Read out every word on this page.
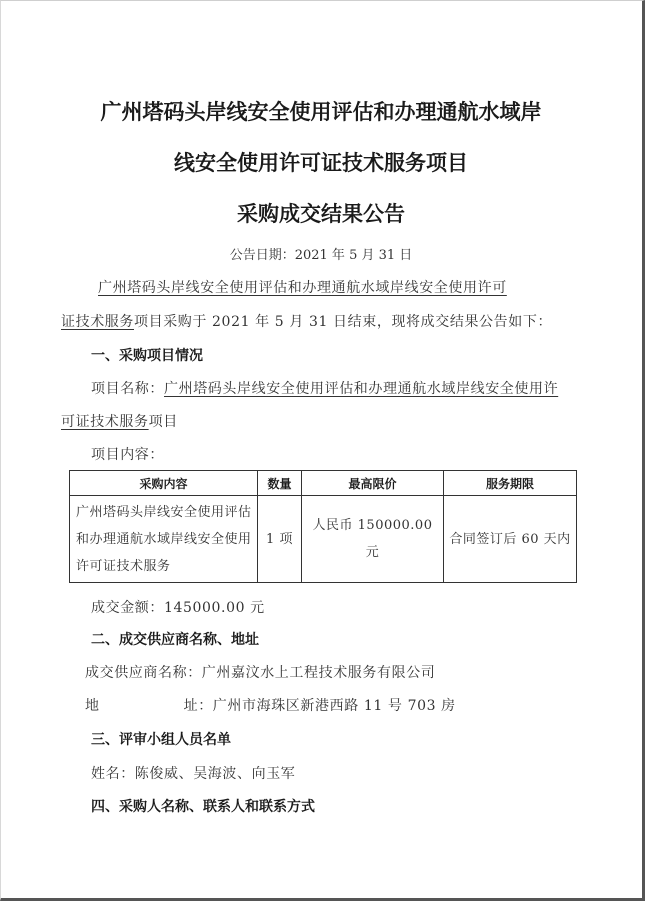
广州塔码头岸线安全使用评估和办理通航水域岸
线安全使用许可证技术服务项目
采购成交结果公告
公告日期：2021 年 5 月 31 日
广州塔码头岸线安全使用评估和办理通航水域岸线安全使用许可
证技术服务项目采购于 2021 年 5 月 31 日结束，现将成交结果公告如下：
一、采购项目情况
项目名称：广州塔码头岸线安全使用评估和办理通航水域岸线安全使用许
可证技术服务项目
项目内容：
采购内容	数量	最高限价	服务期限
广州塔码头岸线安全使用评估和办理通航水域岸线安全使用许可证技术服务	1 项	人民币 150000.00 元	合同签订后 60 天内
成交金额：145000.00 元
二、成交供应商名称、地址
成交供应商名称：广州嘉汶水上工程技术服务有限公司
地	址：广州市海珠区新港西路 11 号 703 房
三、评审小组人员名单
姓名：陈俊威、吴海波、向玉军
四、采购人名称、联系人和联系方式
